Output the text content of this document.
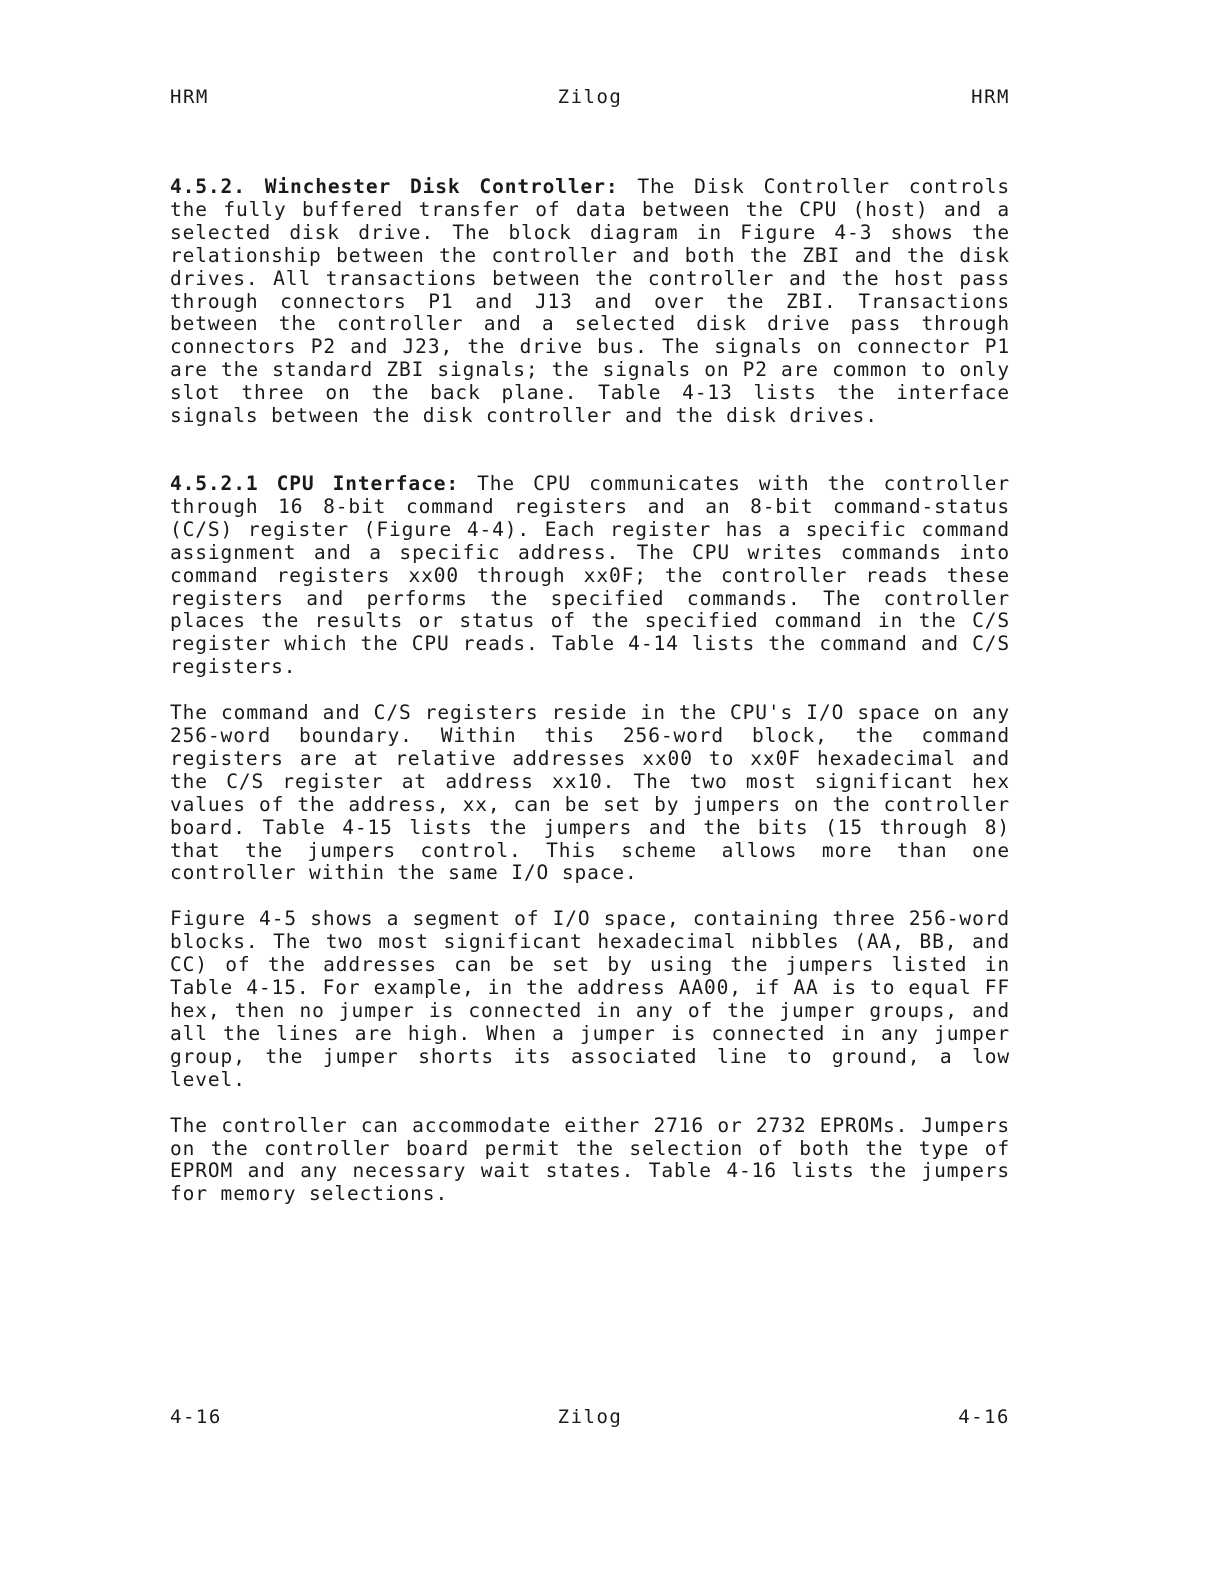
HRM	Zilog	HRM

4.5.2. Winchester Disk Controller: The Disk Controller controls the fully buffered transfer of data between the CPU (host) and a selected disk drive. The block diagram in Figure 4-3 shows the relationship between the controller and both the ZBI and the disk drives. All transactions between the controller and the host pass through connectors P1 and J13 and over the ZBI. Transactions between the controller and a selected disk drive pass through connectors P2 and J23, the drive bus. The signals on connector P1 are the standard ZBI signals; the signals on P2 are common to only slot three on the back plane. Table 4-13 lists the interface signals between the disk controller and the disk drives.

4.5.2.1 CPU Interface: The CPU communicates with the controller through 16 8-bit command registers and an 8-bit command-status (C/S) register (Figure 4-4). Each register has a specific command assignment and a specific address. The CPU writes commands into command registers xx00 through xx0F; the controller reads these registers and performs the specified commands. The controller places the results or status of the specified command in the C/S register which the CPU reads. Table 4-14 lists the command and C/S registers.

The command and C/S registers reside in the CPU's I/O space on any 256-word boundary. Within this 256-word block, the command registers are at relative addresses xx00 to xx0F hexadecimal and the C/S register at address xx10. The two most significant hex values of the address, xx, can be set by jumpers on the controller board. Table 4-15 lists the jumpers and the bits (15 through 8) that the jumpers control. This scheme allows more than one controller within the same I/O space.

Figure 4-5 shows a segment of I/O space, containing three 256-word blocks. The two most significant hexadecimal nibbles (AA, BB, and CC) of the addresses can be set by using the jumpers listed in Table 4-15. For example, in the address AA00, if AA is to equal FF hex, then no jumper is connected in any of the jumper groups, and all the lines are high. When a jumper is connected in any jumper group, the jumper shorts its associated line to ground, a low level.

The controller can accommodate either 2716 or 2732 EPROMs. Jumpers on the controller board permit the selection of both the type of EPROM and any necessary wait states. Table 4-16 lists the jumpers for memory selections.

4-16	Zilog	4-16
